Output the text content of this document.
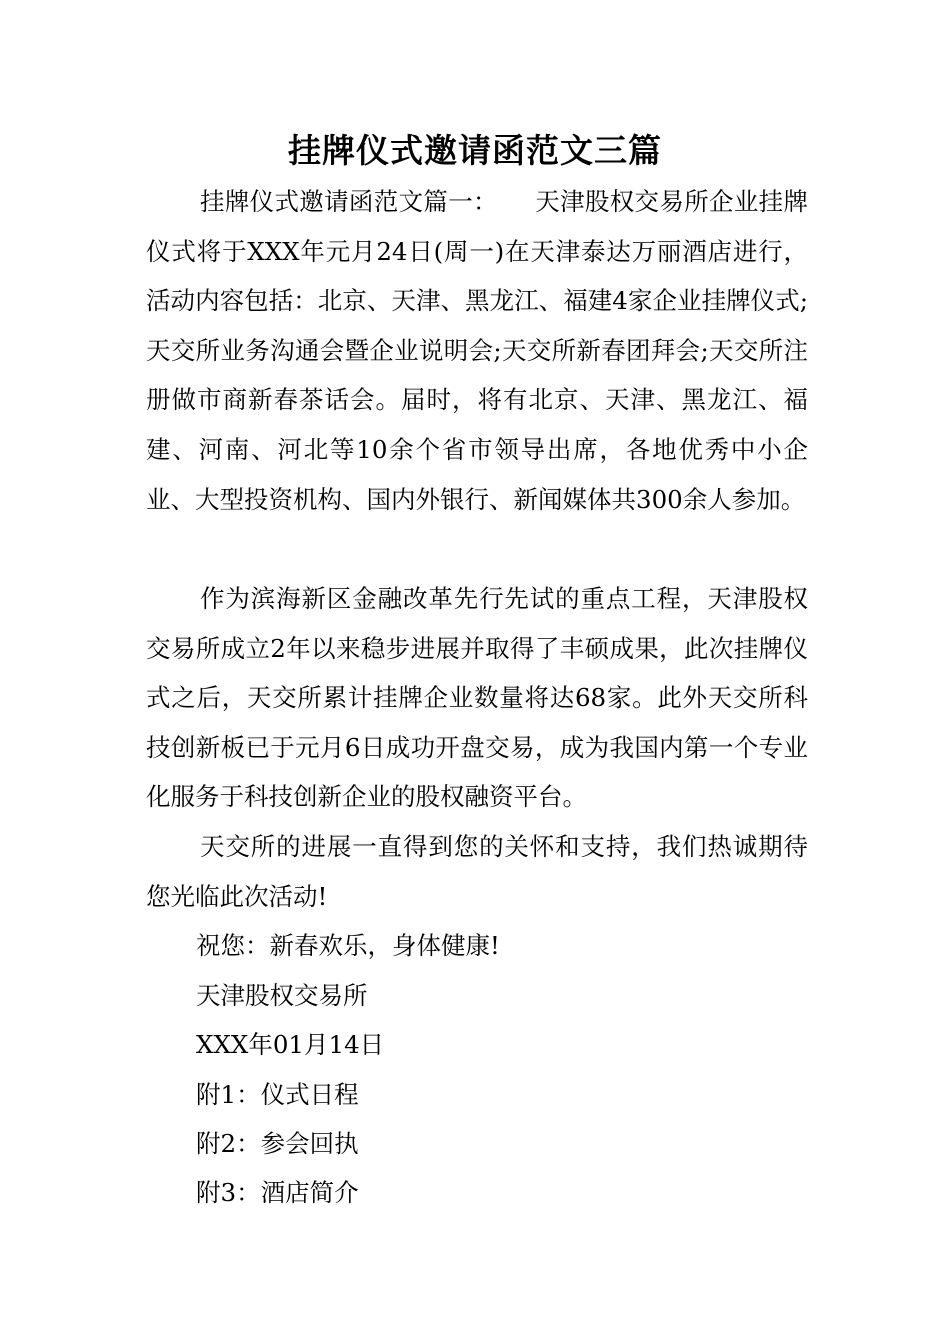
挂牌仪式邀请函范文三篇

挂牌仪式邀请函范文篇一：　　天津股权交易所企业挂牌仪式将于XXX年元月24日(周一)在天津泰达万丽酒店进行，活动内容包括：北京、天津、黑龙江、福建4家企业挂牌仪式;天交所业务沟通会暨企业说明会;天交所新春团拜会;天交所注册做市商新春茶话会。届时，将有北京、天津、黑龙江、福建、河南、河北等10余个省市领导出席，各地优秀中小企业、大型投资机构、国内外银行、新闻媒体共300余人参加。

作为滨海新区金融改革先行先试的重点工程，天津股权交易所成立2年以来稳步进展并取得了丰硕成果，此次挂牌仪式之后，天交所累计挂牌企业数量将达68家。此外天交所科技创新板已于元月6日成功开盘交易，成为我国内第一个专业化服务于科技创新企业的股权融资平台。

天交所的进展一直得到您的关怀和支持，我们热诚期待您光临此次活动!

祝您：新春欢乐，身体健康!

天津股权交易所

XXX年01月14日

附1：仪式日程

附2：参会回执

附3：酒店简介
